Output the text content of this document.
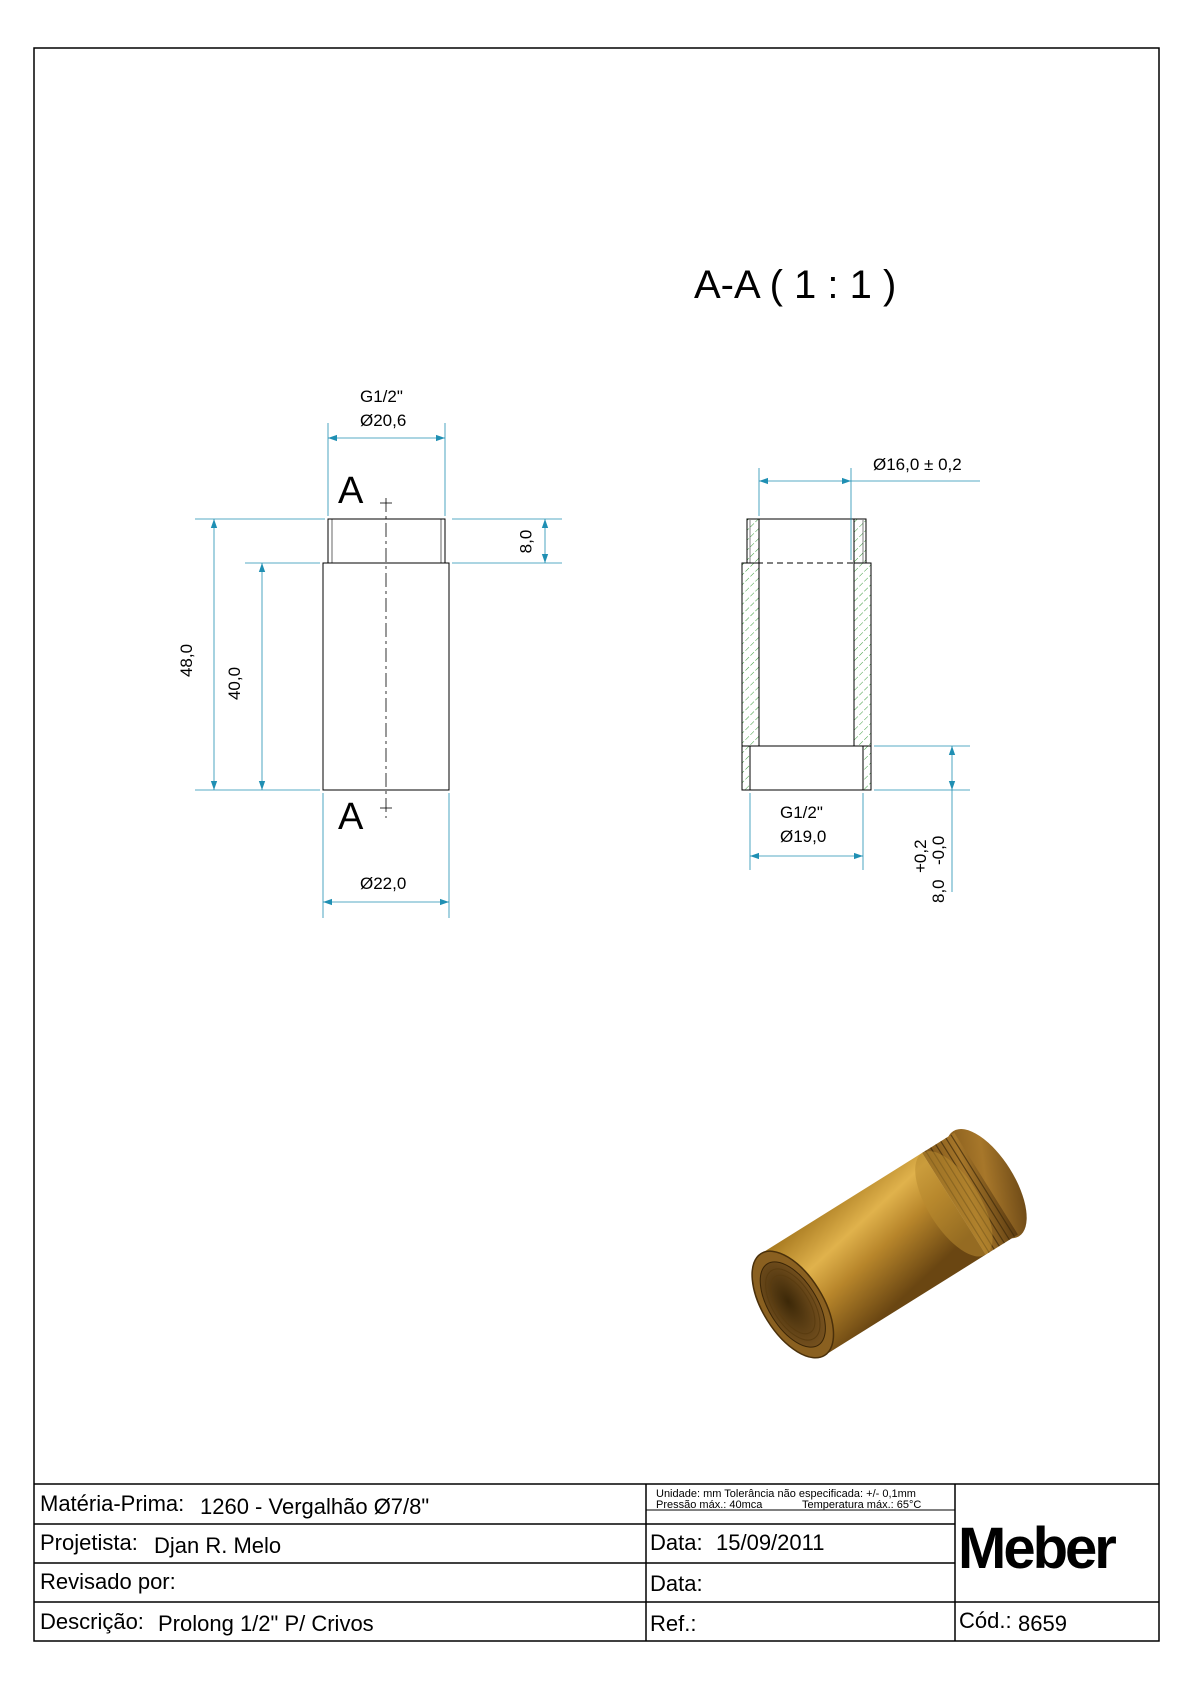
A-A ( 1 : 1 )
A
A
G1/2"
Ø20,6
48,0
40,0
8,0
Ø22,0
Ø16,0 ± 0,2
G1/2"
Ø19,0
8,0
+0,2 -0,0
Matéria-Prima: 1260 - Vergalhão Ø7/8"
Projetista: Djan R. Melo
Revisado por:
Descrição: Prolong 1/2" P/ Crivos
Unidade: mm Tolerância não especificada: +/- 0,1mm
Pressão máx.: 40mca	Temperatura máx.: 65°C
Data: 15/09/2011
Data:
Ref.:
Meber
Cód.: 8659
